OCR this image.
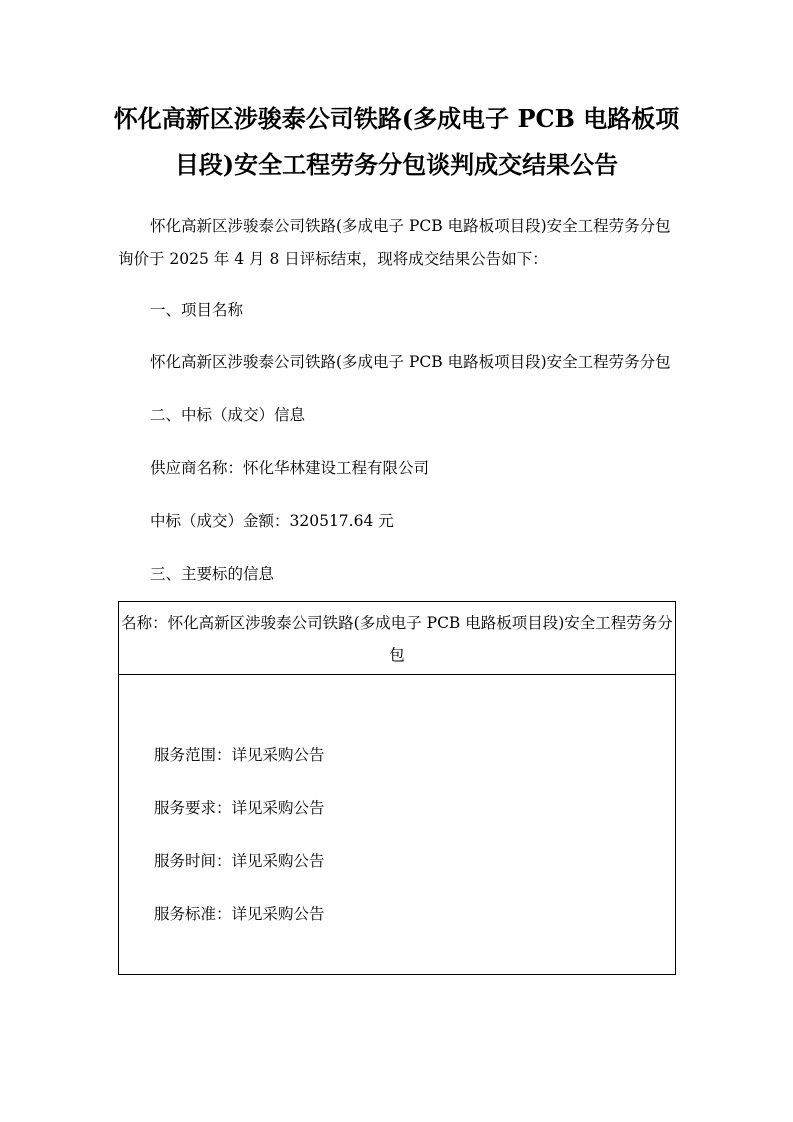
怀化高新区涉骏泰公司铁路(多成电子 PCB 电路板项
目段)安全工程劳务分包谈判成交结果公告

怀化高新区涉骏泰公司铁路(多成电子 PCB 电路板项目段)安全工程劳务分包
询价于 2025 年 4 月 8 日评标结束，现将成交结果公告如下：

一、项目名称

怀化高新区涉骏泰公司铁路(多成电子 PCB 电路板项目段)安全工程劳务分包

二、中标（成交）信息

供应商名称：怀化华林建设工程有限公司

中标（成交）金额：320517.64 元

三、主要标的信息

名称：怀化高新区涉骏泰公司铁路(多成电子 PCB 电路板项目段)安全工程劳务分
包
服务范围：详见采购公告
服务要求：详见采购公告
服务时间：详见采购公告
服务标准：详见采购公告
